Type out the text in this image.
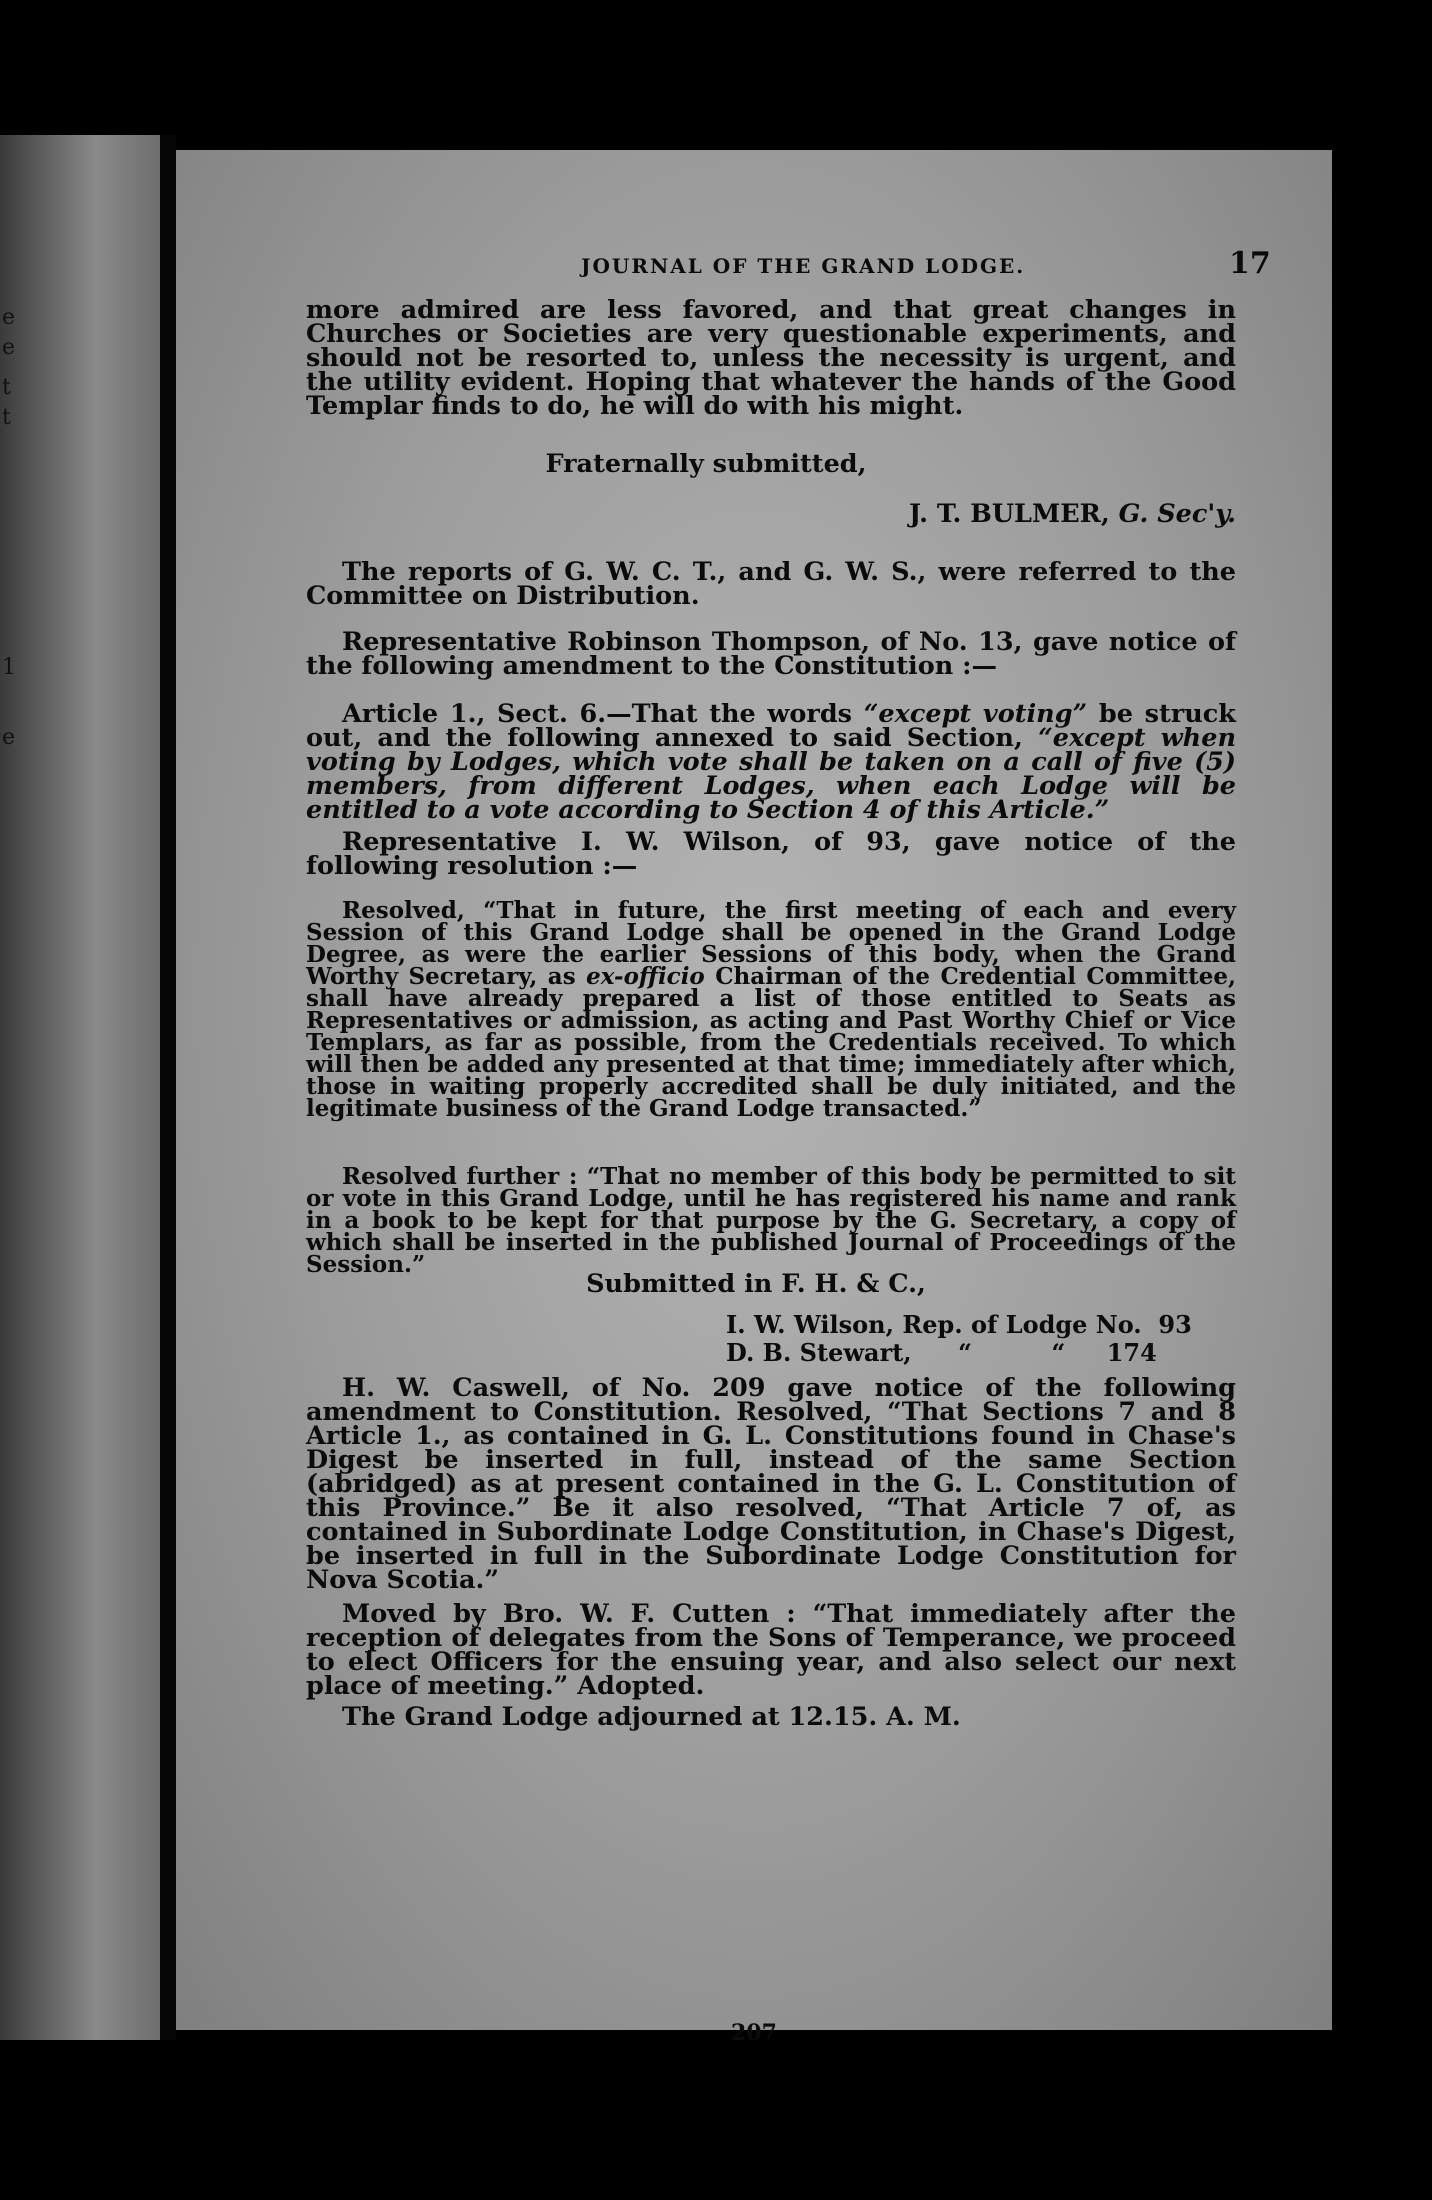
e
e
t
t
1
e
JOURNAL OF THE GRAND LODGE.	17

more admired are less favored, and that great changes in Churches or Societies are very questionable experiments, and should not be resorted to, unless the necessity is urgent, and the utility evident. Hoping that whatever the hands of the Good Templar finds to do, he will do with his might.

Fraternally submitted,
J. T. BULMER, G. Sec'y.
The reports of G. W. C. T., and G. W. S., were referred to the Committee on Distribution.
Representative Robinson Thompson, of No. 13, gave notice of the following amendment to the Constitution :—
Article 1., Sect. 6.—That the words “except voting” be struck out, and the following annexed to said Section, “except when voting by Lodges, which vote shall be taken on a call of five (5) members, from different Lodges, when each Lodge will be entitled to a vote according to Section 4 of this Article.”
Representative I. W. Wilson, of 93, gave notice of the following resolution :—
Resolved, “That in future, the first meeting of each and every Session of this Grand Lodge shall be opened in the Grand Lodge Degree, as were the earlier Sessions of this body, when the Grand Worthy Secretary, as ex-officio Chairman of the Credential Committee, shall have already prepared a list of those entitled to Seats as Representatives or admission, as acting and Past Worthy Chief or Vice Templars, as far as possible, from the Credentials received. To which will then be added any presented at that time; immediately after which, those in waiting properly accredited shall be duly initiated, and the legitimate business of the Grand Lodge transacted.”
Resolved further : “That no member of this body be permitted to sit or vote in this Grand Lodge, until he has registered his name and rank in a book to be kept for that purpose by the G. Secretary, a copy of which shall be inserted in the published Journal of Proceedings of the Session.”
Submitted in F. H. & C.,
I. W. Wilson, Rep. of Lodge No. 93
D. B. Stewart, “	“ 174
H. W. Caswell, of No. 209 gave notice of the following amendment to Constitution. Resolved, “That Sections 7 and 8 Article 1., as contained in G. L. Constitutions found in Chase's Digest be inserted in full, instead of the same Section (abridged) as at present contained in the G. L. Constitution of this Province.” Be it also resolved, “That Article 7 of, as contained in Subordinate Lodge Constitution, in Chase's Digest, be inserted in full in the Subordinate Lodge Constitution for Nova Scotia.”
Moved by Bro. W. F. Cutten : “That immediately after the reception of delegates from the Sons of Temperance, we proceed to elect Officers for the ensuing year, and also select our next place of meeting.” Adopted.
The Grand Lodge adjourned at 12.15. A. M.
207
